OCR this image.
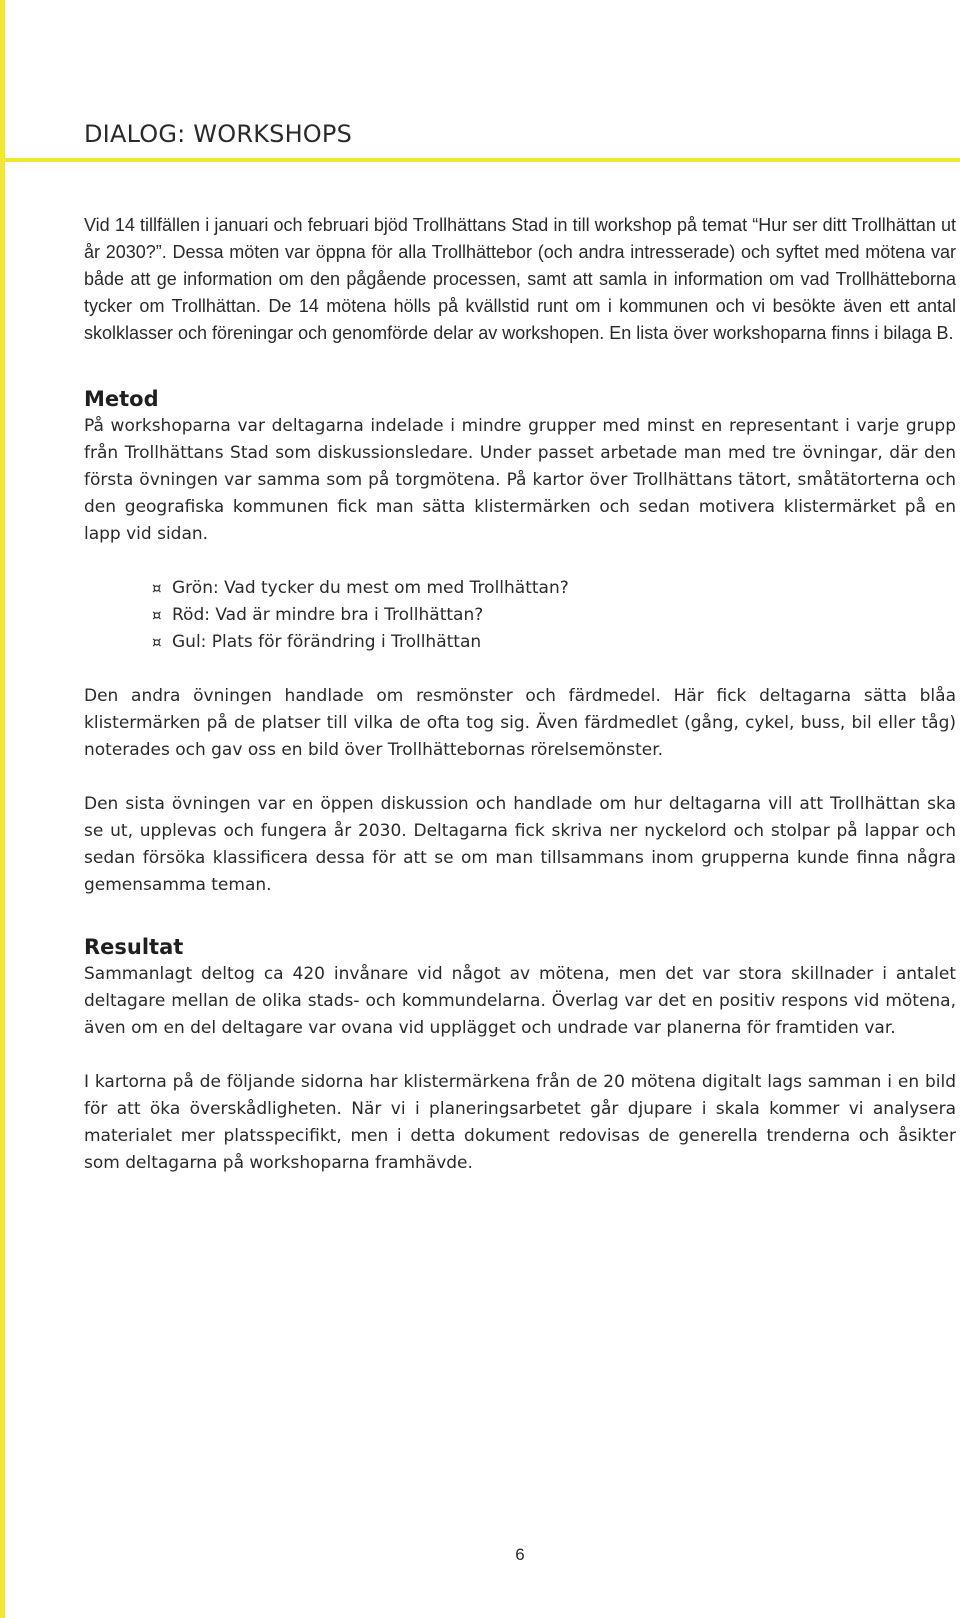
DIALOG: WORKSHOPS

Vid 14 tillfällen i januari och februari bjöd Trollhättans Stad in till workshop på temat “Hur ser ditt Trollhättan ut år 2030?”. Dessa möten var öppna för alla Trollhättebor (och andra intresserade) och syftet med mötena var både att ge information om den pågående processen, samt att samla in information om vad Trollhätteborna tycker om Trollhättan. De 14 mötena hölls på kvällstid runt om i kommunen och vi besökte även ett antal skolklasser och föreningar och genomförde delar av workshopen. En lista över workshoparna finns i bilaga B.

Metod

På workshoparna var deltagarna indelade i mindre grupper med minst en representant i varje grupp från Trollhättans Stad som diskussionsledare. Under passet arbetade man med tre övningar, där den första övningen var samma som på torgmötena. På kartor över Trollhättans tätort, småtätorterna och den geografiska kommunen fick man sätta klistermärken och sedan motivera klistermärket på en lapp vid sidan.

¤ Grön: Vad tycker du mest om med Trollhättan?
¤ Röd: Vad är mindre bra i Trollhättan?
¤ Gul: Plats för förändring i Trollhättan

Den andra övningen handlade om resmönster och färdmedel. Här fick deltagarna sätta blåa klistermärken på de platser till vilka de ofta tog sig. Även färdmedlet (gång, cykel, buss, bil eller tåg) noterades och gav oss en bild över Trollhättebornas rörelsemönster.

Den sista övningen var en öppen diskussion och handlade om hur deltagarna vill att Trollhättan ska se ut, upplevas och fungera år 2030. Deltagarna fick skriva ner nyckelord och stolpar på lappar och sedan försöka klassificera dessa för att se om man tillsammans inom grupperna kunde finna några gemensamma teman.

Resultat

Sammanlagt deltog ca 420 invånare vid något av mötena, men det var stora skillnader i antalet deltagare mellan de olika stads- och kommundelarna. Överlag var det en positiv respons vid mötena, även om en del deltagare var ovana vid upplägget och undrade var planerna för framtiden var.

I kartorna på de följande sidorna har klistermärkena från de 20 mötena digitalt lags samman i en bild för att öka överskådligheten. När vi i planeringsarbetet går djupare i skala kommer vi analysera materialet mer platsspecifikt, men i detta dokument redovisas de generella trenderna och åsikter som deltagarna på workshoparna framhävde.

6
